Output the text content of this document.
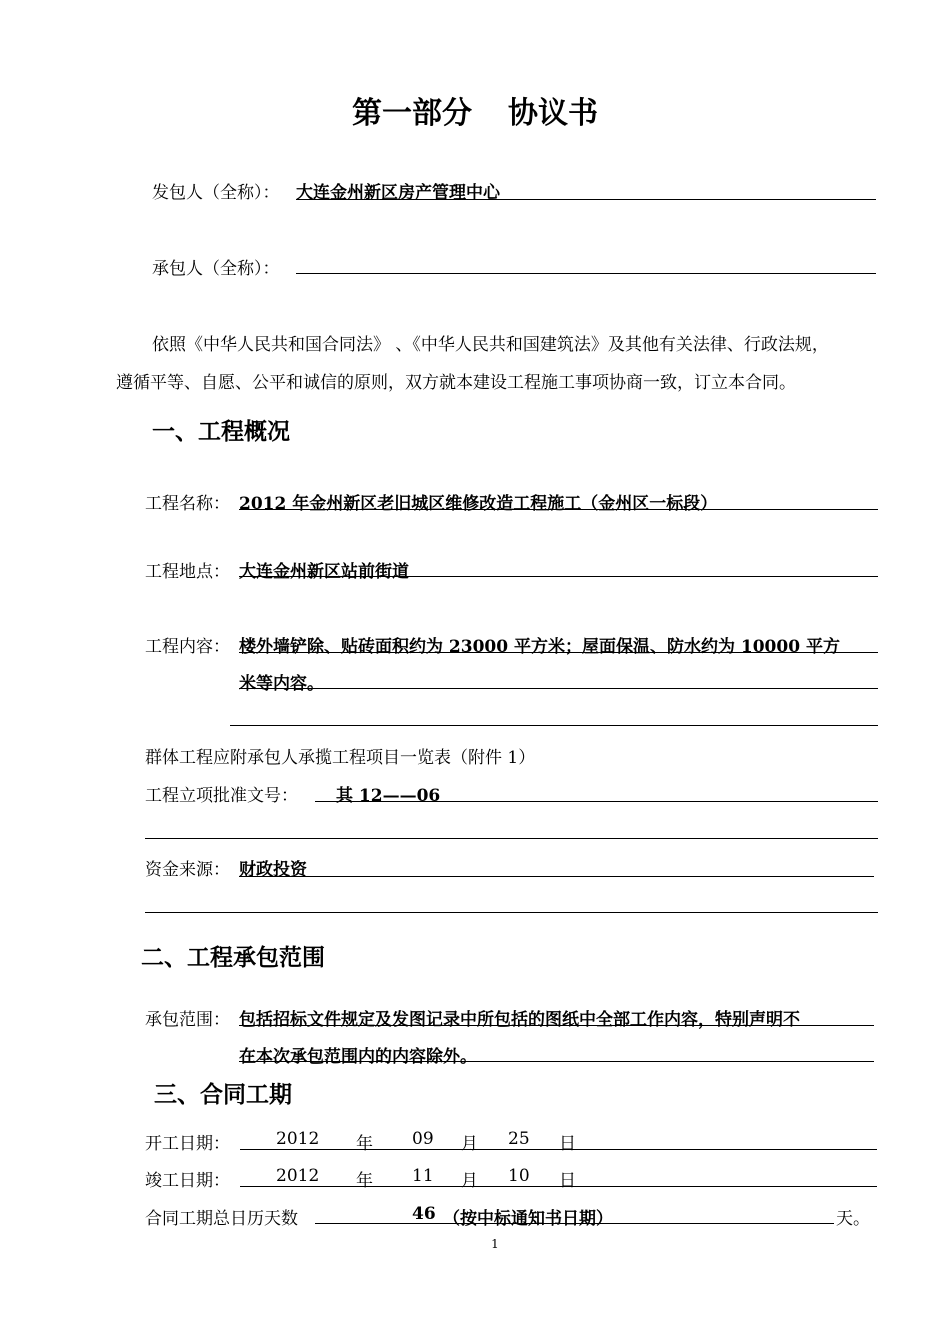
第一部分 协议书
发包人（全称）： 大连金州新区房产管理中心
承包人（全称）：
依照《中华人民共和国合同法》 、《中华人民共和国建筑法》及其他有关法律、行政法规，
遵循平等、自愿、公平和诚信的原则，双方就本建设工程施工事项协商一致，订立本合同。
一、工程概况
工程名称： 2012 年金州新区老旧城区维修改造工程施工（金州区一标段）
工程地点： 大连金州新区站前街道
工程内容： 楼外墙铲除、贴砖面积约为 23000 平方米；屋面保温、防水约为 10000 平方
米等内容。
群体工程应附承包人承揽工程项目一览表（附件 1）
工程立项批准文号： 其 12——06
资金来源： 财政投资
二、工程承包范围
承包范围： 包括招标文件规定及发图记录中所包括的图纸中全部工作内容，特别声明不
在本次承包范围内的内容除外。
三、合同工期
开工日期：	2012 年 09 月 25 日
竣工日期：	2012 年 11 月 10 日
合同工期总日历天数	46 （按中标通知书日期）	天。
1
